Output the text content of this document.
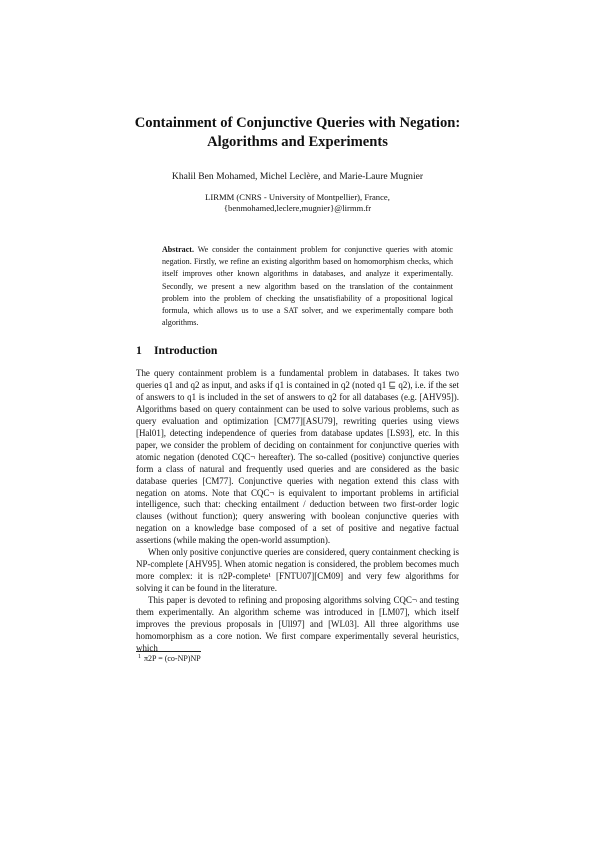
Containment of Conjunctive Queries with Negation: Algorithms and Experiments
Khalil Ben Mohamed, Michel Leclère, and Marie-Laure Mugnier
LIRMM (CNRS - University of Montpellier), France,
{benmohamed,leclere,mugnier}@lirmm.fr
Abstract. We consider the containment problem for conjunctive queries with atomic negation. Firstly, we refine an existing algorithm based on homomorphism checks, which itself improves other known algorithms in databases, and analyze it experimentally. Secondly, we present a new algorithm based on the translation of the containment problem into the problem of checking the unsatisfiability of a propositional logical formula, which allows us to use a SAT solver, and we experimentally compare both algorithms.
1 Introduction

The query containment problem is a fundamental problem in databases. It takes two queries q1 and q2 as input, and asks if q1 is contained in q2 (noted q1 ⊑ q2), i.e. if the set of answers to q1 is included in the set of answers to q2 for all databases (e.g. [AHV95]). Algorithms based on query containment can be used to solve various problems, such as query evaluation and optimization [CM77][ASU79], rewriting queries using views [Hal01], detecting independence of queries from database updates [LS93], etc. In this paper, we consider the problem of deciding on containment for conjunctive queries with atomic negation (denoted CQC¬ hereafter). The so-called (positive) conjunctive queries form a class of natural and frequently used queries and are considered as the basic database queries [CM77]. Conjunctive queries with negation extend this class with negation on atoms. Note that CQC¬ is equivalent to important problems in artificial intelligence, such that: checking entailment / deduction between two first-order logic clauses (without function); query answering with boolean conjunctive queries with negation on a knowledge base composed of a set of positive and negative factual assertions (while making the open-world assumption).

When only positive conjunctive queries are considered, query containment checking is NP-complete [AHV95]. When atomic negation is considered, the problem becomes much more complex: it is π2P-complete¹ [FNTU07][CM09] and very few algorithms for solving it can be found in the literature.

This paper is devoted to refining and proposing algorithms solving CQC¬ and testing them experimentally. An algorithm scheme was introduced in [LM07], which itself improves the previous proposals in [Ull97] and [WL03]. All three algorithms use homomorphism as a core notion. We first compare experimentally several heuristics, which

$^1$ π2P = (co-NP)NP
